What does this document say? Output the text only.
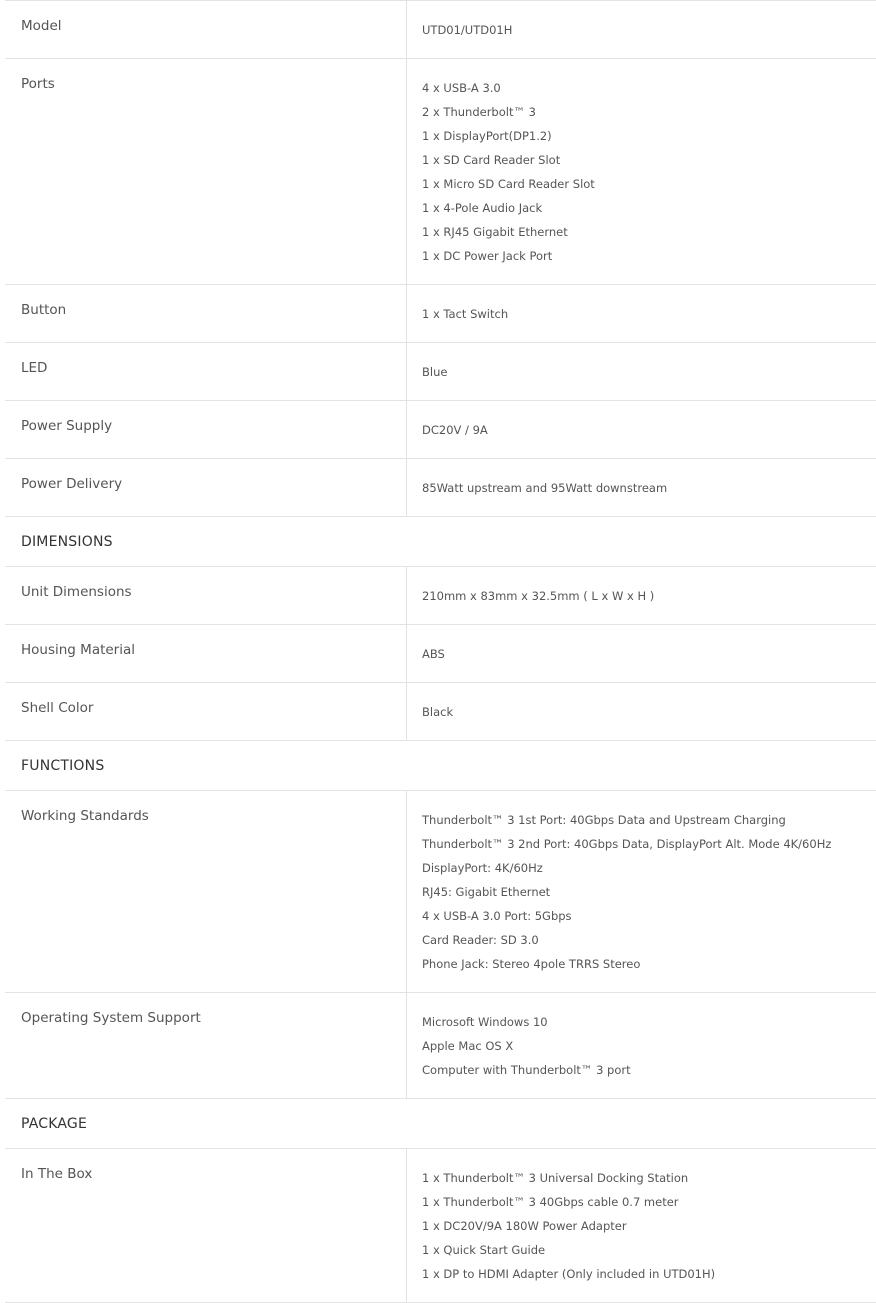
Model	UTD01/UTD01H
Ports	4 x USB-A 3.0
2 x Thunderbolt™ 3
1 x DisplayPort(DP1.2)
1 x SD Card Reader Slot
1 x Micro SD Card Reader Slot
1 x 4-Pole Audio Jack
1 x RJ45 Gigabit Ethernet
1 x DC Power Jack Port
Button	1 x Tact Switch
LED	Blue
Power Supply	DC20V / 9A
Power Delivery	85Watt upstream and 95Watt downstream
DIMENSIONS
Unit Dimensions	210mm x 83mm x 32.5mm ( L x W x H )
Housing Material	ABS
Shell Color	Black
FUNCTIONS
Working Standards	Thunderbolt™ 3 1st Port: 40Gbps Data and Upstream Charging
Thunderbolt™ 3 2nd Port: 40Gbps Data, DisplayPort Alt. Mode 4K/60Hz
DisplayPort: 4K/60Hz
RJ45: Gigabit Ethernet
4 x USB-A 3.0 Port: 5Gbps
Card Reader: SD 3.0
Phone Jack: Stereo 4pole TRRS Stereo
Operating System Support	Microsoft Windows 10
Apple Mac OS X
Computer with Thunderbolt™ 3 port
PACKAGE
In The Box	1 x Thunderbolt™ 3 Universal Docking Station
1 x Thunderbolt™ 3 40Gbps cable 0.7 meter
1 x DC20V/9A 180W Power Adapter
1 x Quick Start Guide
1 x DP to HDMI Adapter (Only included in UTD01H)
